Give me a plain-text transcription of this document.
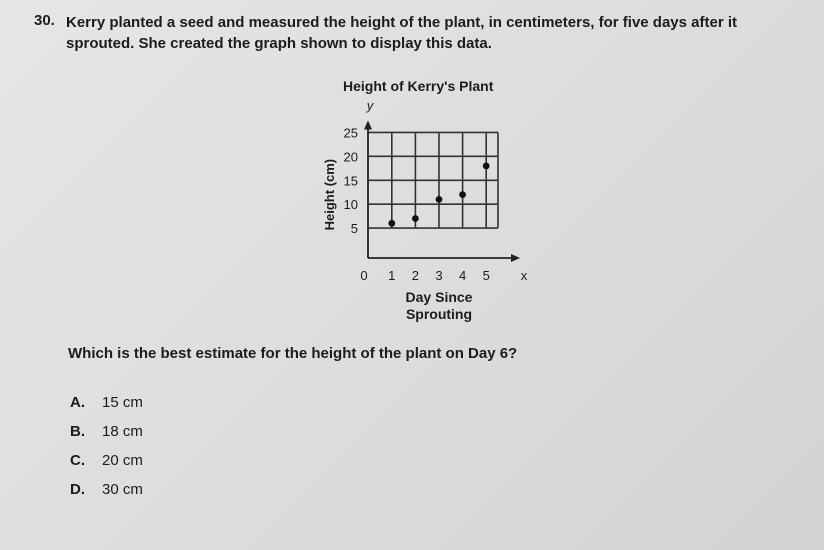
30. Kerry planted a seed and measured the height of the plant, in centimeters, for five days after it
sprouted. She created the graph shown to display this data.
Height of Kerry's Plant
5
10
15
20
25
1 2 3 4 5
0
y
x
Height (cm)
Day Since Sprouting
Which is the best estimate for the height of the plant on Day 6?
A.	15 cm
B.	18 cm
C.	20 cm
D.	30 cm
